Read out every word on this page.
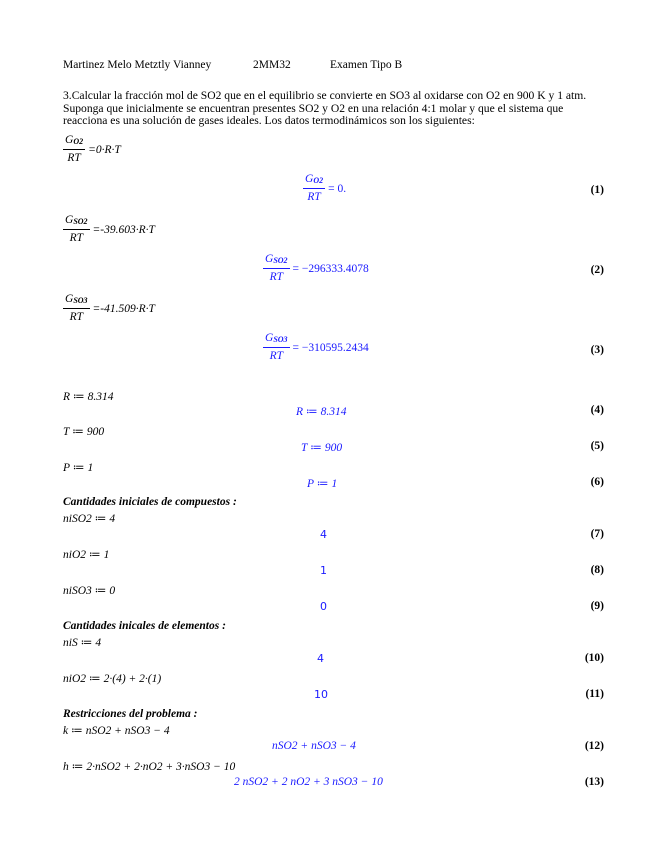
Martinez Melo Metztly Vianney	2MM32	Examen Tipo B
3.Calcular la fracción mol de SO2 que en el equilibrio se convierte en SO3 al oxidarse con O2 en 900 K y 1 atm. Suponga que inicialmente se encuentran presentes SO2 y O2 en una relación 4:1 molar y que el sistema que reacciona es una solución de gases ideales. Los datos termodinámicos son los siguientes:
$\frac{G_{O2}}{RT} =0\cdot R\cdot T$
$\frac{G_{O2}}{RT} = 0$.	(1)
$\frac{G_{SO2}}{RT} =-39.603\cdot R\cdot T$
$\frac{G_{SO2}}{RT} = -296333.4078$	(2)
$\frac{G_{SO3}}{RT} =-41.509\cdot R\cdot T$
$\frac{G_{SO3}}{RT} = -310595.2434$	(3)
R ≔ 8.314
R ≔ 8.314	(4)
T ≔ 900
T ≔ 900	(5)
P ≔ 1
P ≔ 1	(6)
Cantidades iniciales de compuestos :
niSO2 ≔ 4
4	(7)
niO2 ≔ 1
1	(8)
niSO3 ≔ 0
0	(9)
Cantidades inicales de elementos :
niS ≔ 4
4	(10)
niO2 ≔ 2·(4) + 2·(1)
10	(11)
Restricciones del problema :
k ≔ nSO2 + nSO3 − 4
nSO2 + nSO3 − 4	(12)
h ≔ 2·nSO2 + 2·nO2 + 3·nSO3 − 10
2 nSO2 + 2 nO2 + 3 nSO3 − 10	(13)
